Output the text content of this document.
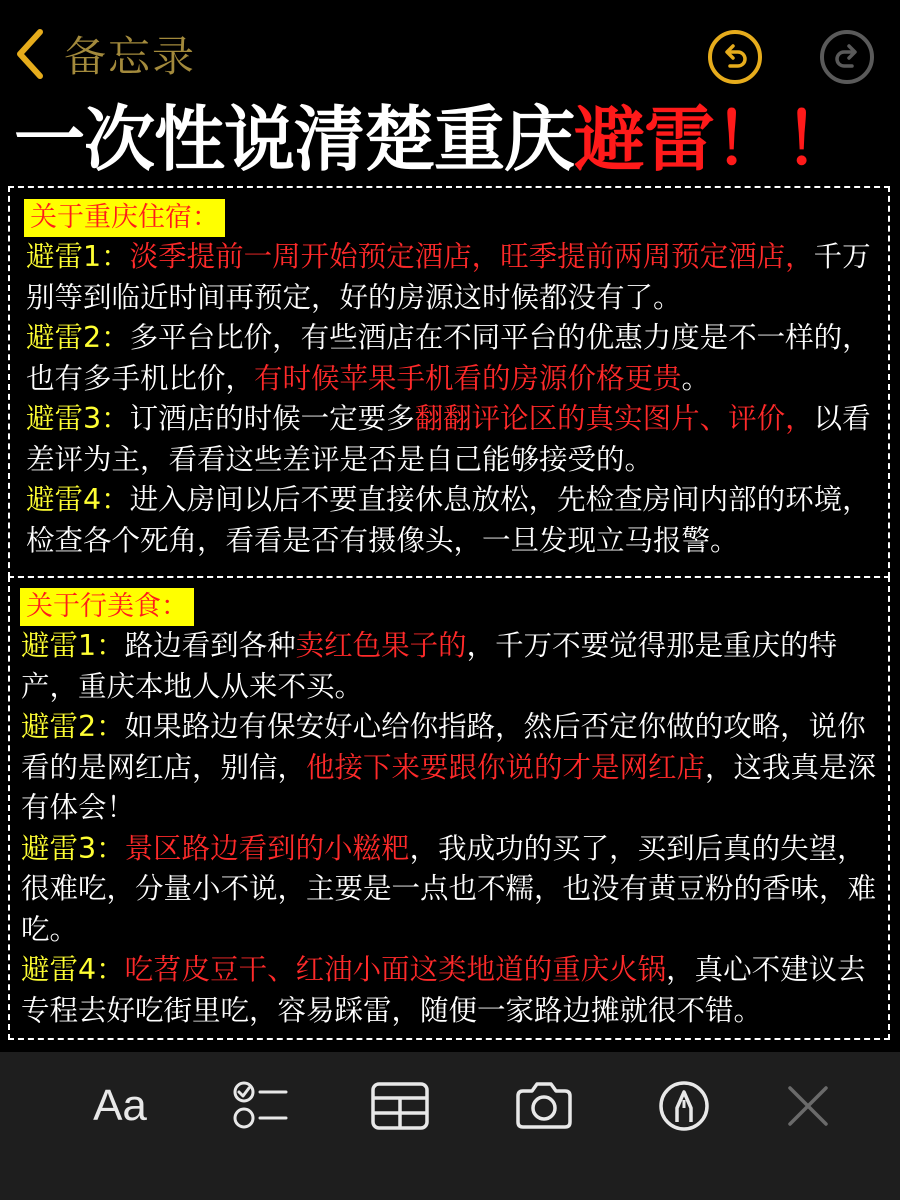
备忘录
一次性说清楚重庆避雷！！
关于重庆住宿：

避雷1：淡季提前一周开始预定酒店，旺季提前两周预定酒店，千万别等到临近时间再预定，好的房源这时候都没有了。

避雷2：多平台比价，有些酒店在不同平台的优惠力度是不一样的，也有多手机比价，有时候苹果手机看的房源价格更贵。

避雷3：订酒店的时候一定要多翻翻评论区的真实图片、评价，以看差评为主，看看这些差评是否是自己能够接受的。

避雷4：进入房间以后不要直接休息放松，先检查房间内部的环境，检查各个死角，看看是否有摄像头，一旦发现立马报警。

关于行美食：

避雷1：路边看到各种卖红色果子的，千万不要觉得那是重庆的特产，重庆本地人从来不买。

避雷2：如果路边有保安好心给你指路，然后否定你做的攻略，说你看的是网红店，别信，他接下来要跟你说的才是网红店，这我真是深有体会！

避雷3：景区路边看到的小糍粑，我成功的买了，买到后真的失望，很难吃，分量小不说，主要是一点也不糯，也没有黄豆粉的香味，难吃。

避雷4：吃苕皮豆干、红油小面这类地道的重庆火锅，真心不建议去专程去好吃街里吃，容易踩雷，随便一家路边摊就很不错。

Aa
